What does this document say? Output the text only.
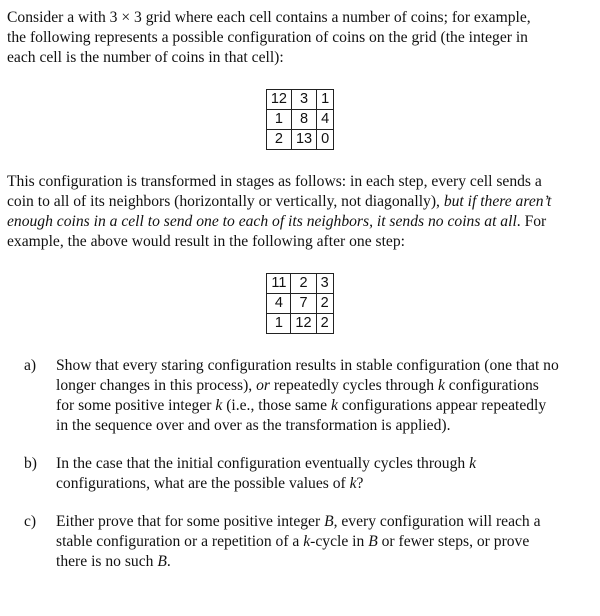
Consider a with 3 × 3 grid where each cell contains a number of coins; for example,
the following represents a possible configuration of coins on the grid (the integer in
each cell is the number of coins in that cell):

12	3	1
1	8	4
2	13	0

This configuration is transformed in stages as follows: in each step, every cell sends a
coin to all of its neighbors (horizontally or vertically, not diagonally), but if there aren’t
enough coins in a cell to send one to each of its neighbors, it sends no coins at all. For
example, the above would result in the following after one step:

11	2	3
4	7	2
1	12	2
a)	Show that every staring configuration results in stable configuration (one that no
longer changes in this process), or repeatedly cycles through k configurations
for some positive integer k (i.e., those same k configurations appear repeatedly
in the sequence over and over as the transformation is applied).
b)	In the case that the initial configuration eventually cycles through k
configurations, what are the possible values of k?
c)	Either prove that for some positive integer B, every configuration will reach a
stable configuration or a repetition of a k-cycle in B or fewer steps, or prove
there is no such B.
